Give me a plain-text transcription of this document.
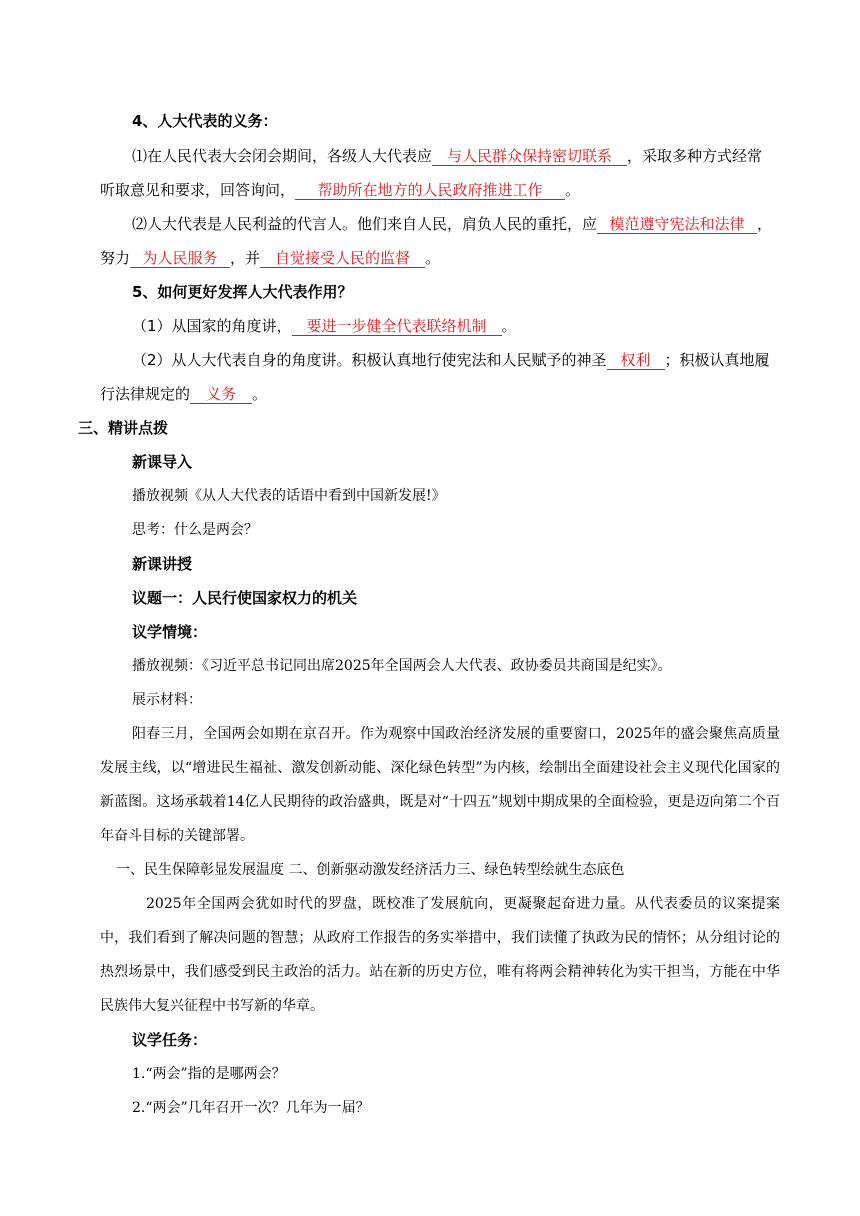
4、人大代表的义务：
⑴在人民代表大会闭会期间，各级人大代表应 与人民群众保持密切联系 ，采取多种方式经常
听取意见和要求，回答询问， 帮助所在地方的人民政府推进工作 。
⑵人大代表是人民利益的代言人。他们来自人民，肩负人民的重托，应 模范遵守宪法和法律 ，
努力 为人民服务 ，并 自觉接受人民的监督 。
5、如何更好发挥人大代表作用？
（1）从国家的角度讲， 要进一步健全代表联络机制 。
（2）从人大代表自身的角度讲。积极认真地行使宪法和人民赋予的神圣 权利 ；积极认真地履
行法律规定的 义务 。
三、精讲点拨
新课导入
播放视频《从人大代表的话语中看到中国新发展!》
思考：什么是两会？
新课讲授
议题一：人民行使国家权力的机关
议学情境：
播放视频：《习近平总书记同出席2025年全国两会人大代表、政协委员共商国是纪实》。
展示材料：
阳春三月，全国两会如期在京召开。作为观察中国政治经济发展的重要窗口，2025年的盛会聚焦高质量发展主线，以“增进民生福祉、激发创新动能、深化绿色转型”为内核，绘制出全面建设社会主义现代化国家的新蓝图。这场承载着14亿人民期待的政治盛典，既是对“十四五”规划中期成果的全面检验，更是迈向第二个百年奋斗目标的关键部署。
一、民生保障彰显发展温度 二、创新驱动激发经济活力三、绿色转型绘就生态底色
2025年全国两会犹如时代的罗盘，既校准了发展航向，更凝聚起奋进力量。从代表委员的议案提案中，我们看到了解决问题的智慧；从政府工作报告的务实举措中，我们读懂了执政为民的情怀；从分组讨论的热烈场景中，我们感受到民主政治的活力。站在新的历史方位，唯有将两会精神转化为实干担当，方能在中华民族伟大复兴征程中书写新的华章。
议学任务：
1.“两会”指的是哪两会？
2.“两会”几年召开一次？几年为一届？
